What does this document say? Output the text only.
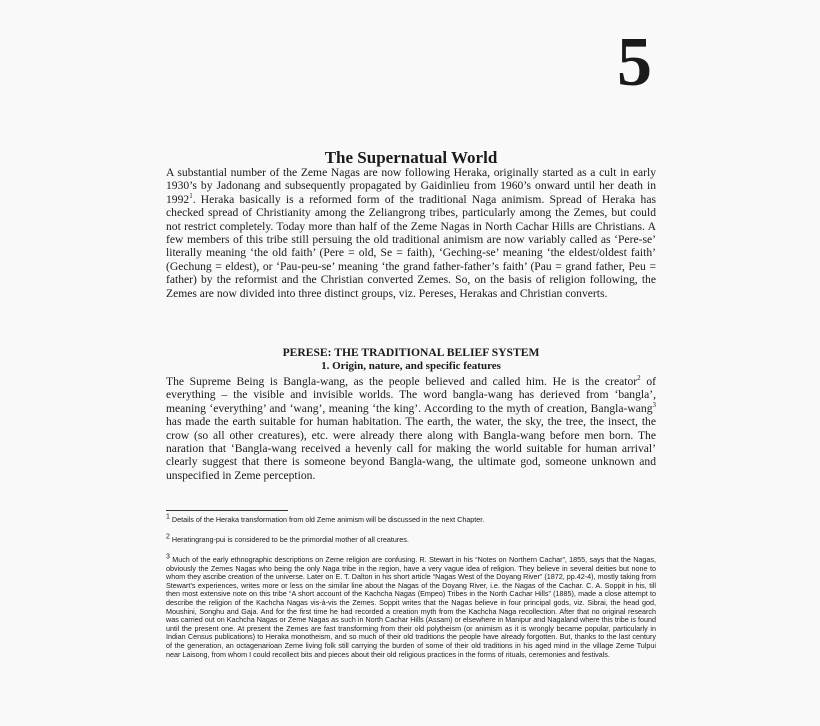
5
The Supernatual World

A substantial number of the Zeme Nagas are now following Heraka, originally started as a cult in early 1930’s by Jadonang and subsequently propagated by Gaidinlieu from 1960’s onward until her death in 1992$^1$. Heraka basically is a reformed form of the traditional Naga animism. Spread of Heraka has checked spread of Christianity among the Zeliangrong tribes, particularly among the Zemes, but could not restrict completely. Today more than half of the Zeme Nagas in North Cachar Hills are Christians. A few members of this tribe still persuing the old traditional animism are now variably called as ‘Pere-se’ literally meaning ‘the old faith’ (Pere = old, Se = faith), ‘Geching-se’ meaning ‘the eldest/oldest faith’ (Gechung = eldest), or ‘Pau-peu-se’ meaning ‘the grand father-father’s faith’ (Pau = grand father, Peu = father) by the reformist and the Christian converted Zemes. So, on the basis of religion following, the Zemes are now divided into three distinct groups, viz. Pereses, Herakas and Christian converts.

PERESE: THE TRADITIONAL BELIEF SYSTEM
1. Origin, nature, and specific features

The Supreme Being is Bangla-wang, as the people believed and called him. He is the creator$^2$ of everything – the visible and invisible worlds. The word bangla-wang has derieved from ‘bangla’, meaning ‘everything’ and ‘wang’, meaning ‘the king’. According to the myth of creation, Bangla-wang$^3$ has made the earth suitable for human habitation. The earth, the water, the sky, the tree, the insect, the crow (so all other creatures), etc. were already there along with Bangla-wang before men born. The naration that ‘Bangla-wang received a hevenly call for making the world suitable for human arrival’ clearly suggest that there is someone beyond Bangla-wang, the ultimate god, someone unknown and unspecified in Zeme perception.

$^1$ Details of the Heraka transformation from old Zeme animism will be discussed in the next Chapter.

$^2$ Heratingrang-pui is considered to be the primordial mother of all creatures.

$^3$ Much of the early ethnographic descriptions on Zeme religion are confusing. R. Stewart in his “Notes on Northern Cachar”, 1855, says that the Nagas, obviously the Zemes Nagas who being the only Naga tribe in the region, have a very vague idea of religion. They believe in several deities but none to whom they ascribe creation of the universe. Later on E. T. Dalton in his short article “Nagas West of the Doyang River” (1872, pp.42-4), mostly taking from Stewart’s experiences, writes more or less on the similar line about the Nagas of the Doyang River, i.e. the Nagas of the Cachar. C. A. Soppit in his, till then most extensive note on this tribe “A short account of the Kachcha Nagas (Empeo) Tribes in the North Cachar Hills” (1885), made a close attempt to describe the religion of the Kachcha Nagas vis-à-vis the Zemes. Soppit writes that the Nagas believe in four principal gods, viz. Sibrai, the head god, Moushini, Songhu and Gaja. And for the first time he had recorded a creation myth from the Kachcha Naga recollection. After that no original research was carried out on Kachcha Nagas or Zeme Nagas as such in North Cachar Hills (Assam) or elsewhere in Manipur and Nagaland where this tribe is found until the present one. At present the Zemes are fast transforming from their old polytheism (or animism as it is wrongly became popular, particularly in Indian Census publications) to Heraka monotheism, and so much of their old traditions the people have already forgotten. But, thanks to the last century of the generation, an octagenarioan Zeme living folk still carrying the burden of some of their old traditions in his aged mind in the village Zeme Tulpui near Laisong, from whom I could recollect bits and pieces about their old religious practices in the forms of rituals, ceremonies and festivals.
